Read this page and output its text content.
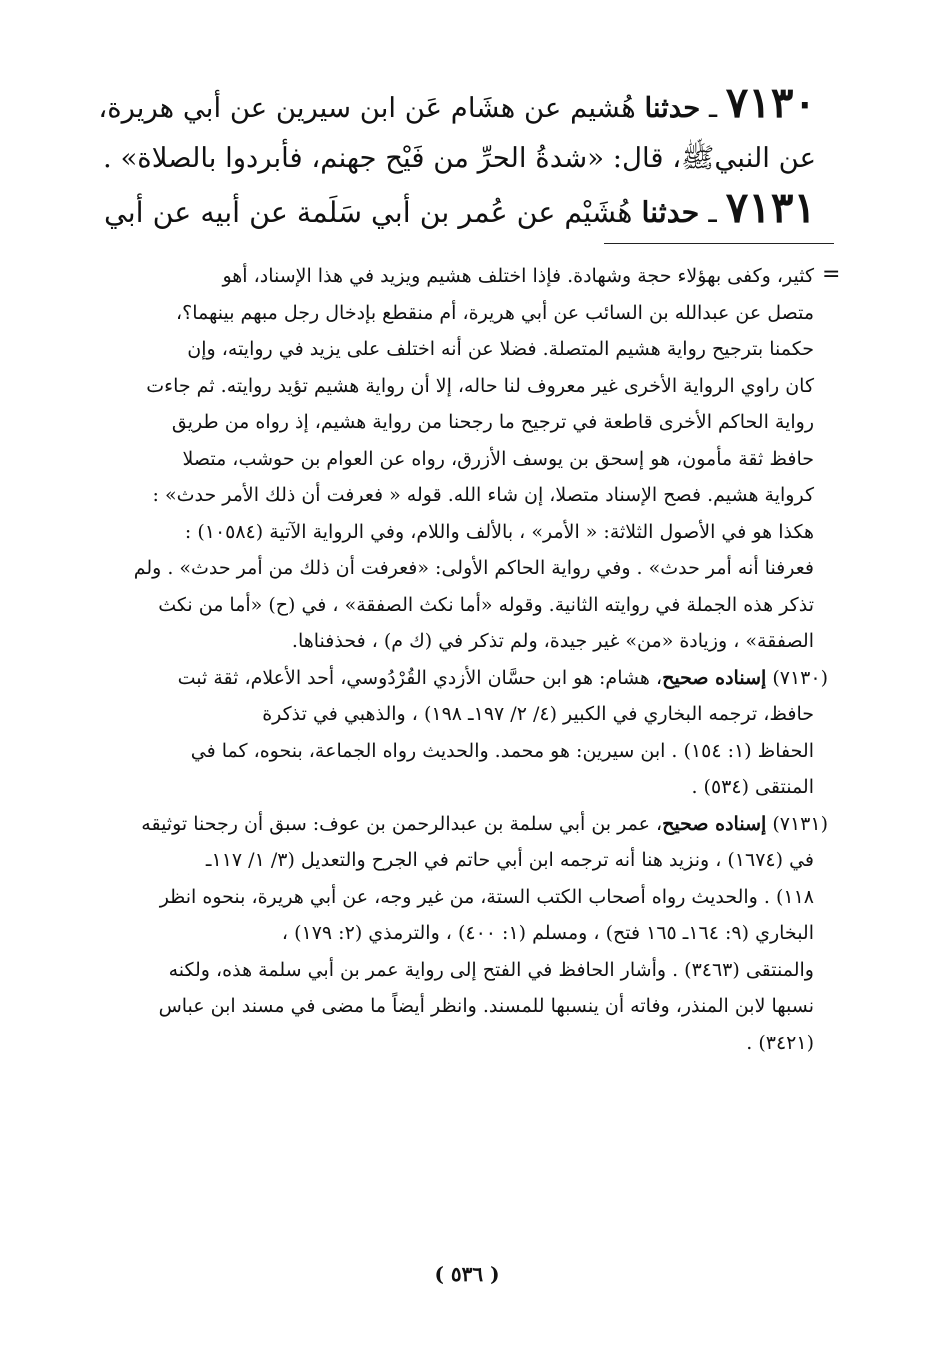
٧١٣٠ ـ حدثنا هُشيم عن هشَام عَن ابن سيرين عن أبي هريرة،
عن النبيﷺ، قال: «شدةُ الحرِّ من فَيْح جهنم، فأبردوا بالصلاة» .
٧١٣١ ـ حدثنا هُشَيْم عن عُمر بن أبي سَلَمة عن أبيه عن أبي
=
كثير، وكفى بهؤلاء حجة وشهادة. فإذا اختلف هشيم ويزيد في هذا الإسناد، أهو
متصل عن عبدالله بن السائب عن أبي هريرة، أم منقطع بإدخال رجل مبهم بينهما؟،
حكمنا بترجيح رواية هشيم المتصلة. فضلا عن أنه اختلف على يزيد في روايته، وإن
كان راوي الرواية الأخرى غير معروف لنا حاله، إلا أن رواية هشيم تؤيد روايته. ثم جاءت
رواية الحاكم الأخرى قاطعة في ترجيح ما رجحنا من رواية هشيم، إذ رواه من طريق
حافظ ثقة مأمون، هو إسحق بن يوسف الأزرق، رواه عن العوام بن حوشب، متصلا
كرواية هشيم. فصح الإسناد متصلا، إن شاء الله. قوله « فعرفت أن ذلك الأمر حدث» :
هكذا هو في الأصول الثلاثة: « الأمر» ، بالألف واللام، وفي الرواية الآتية (١٠٥٨٤) :
فعرفنا أنه أمر حدث» . وفي رواية الحاكم الأولى: «فعرفت أن ذلك من أمر حدث» . ولم
تذكر هذه الجملة في روايته الثانية. وقوله «أما نكث الصفقة» ، في (ح) «أما من نكث
الصفقة» ، وزيادة «من» غير جيدة، ولم تذكر في (ك م) ، فحذفناها.
(٧١٣٠) إسناده صحيح، هشام: هو ابن حسَّان الأزدي القُرْدُوسي، أحد الأعلام، ثقة ثبت
حافظ، ترجمه البخاري في الكبير (٤/ ٢/ ١٩٧ـ ١٩٨) ، والذهبي في تذكرة
الحفاظ (١: ١٥٤) . ابن سيرين: هو محمد. والحديث رواه الجماعة، بنحوه، كما في
المنتقى (٥٣٤) .
(٧١٣١) إسناده صحيح، عمر بن أبي سلمة بن عبدالرحمن بن عوف: سبق أن رجحنا توثيقه
في (١٦٧٤) ، ونزيد هنا أنه ترجمه ابن أبي حاتم في الجرح والتعديل (٣/ ١/ ١١٧ـ
١١٨) . والحديث رواه أصحاب الكتب الستة، من غير وجه، عن أبي هريرة، بنحوه انظر
البخاري (٩: ١٦٤ـ ١٦٥ فتح) ، ومسلم (١: ٤٠٠) ، والترمذي (٢: ١٧٩) ،
والمنتقى (٣٤٦٣) . وأشار الحافظ في الفتح إلى رواية عمر بن أبي سلمة هذه، ولكنه
نسبها لابن المنذر، وفاته أن ينسبها للمسند. وانظر أيضاً ما مضى في مسند ابن عباس
(٣٤٢١) .
( ٥٣٦ )
